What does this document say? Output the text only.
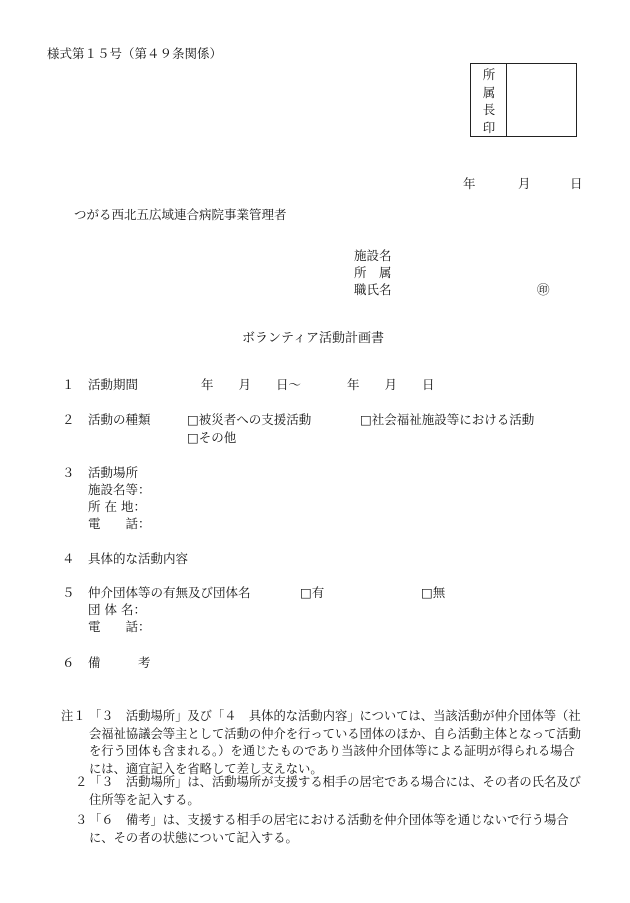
様式第１５号（第４９条関係）
所
属
長
印
年	月	日
つがる西北五広域連合病院事業管理者
施設名
所　属
職氏名	㊞
ボランティア活動計画書
１ 活動期間	年　　月　　日～	年　　月　　日
２ 活動の種類	□被災者への支援活動	□社会福祉施設等における活動
□その他
３ 活動場所
施設名等：
所 在 地：
電　　話：
４ 具体的な活動内容
５ 仲介団体等の有無及び団体名	□有	□無
団 体 名：
電　　話：
６ 備　　　考
注１ 「３　活動場所」及び「４　具体的な活動内容」については、当該活動が仲介団体等（社会福祉協議会等主として活動の仲介を行っている団体のほか、自ら活動主体となって活動を行う団体も含まれる。）を通じたものであり当該仲介団体等による証明が得られる場合には、適宜記入を省略して差し支えない。
２ 「３　活動場所」は、活動場所が支援する相手の居宅である場合には、その者の氏名及び住所等を記入する。
３ 「６　備考」は、支援する相手の居宅における活動を仲介団体等を通じないで行う場合に、その者の状態について記入する。
